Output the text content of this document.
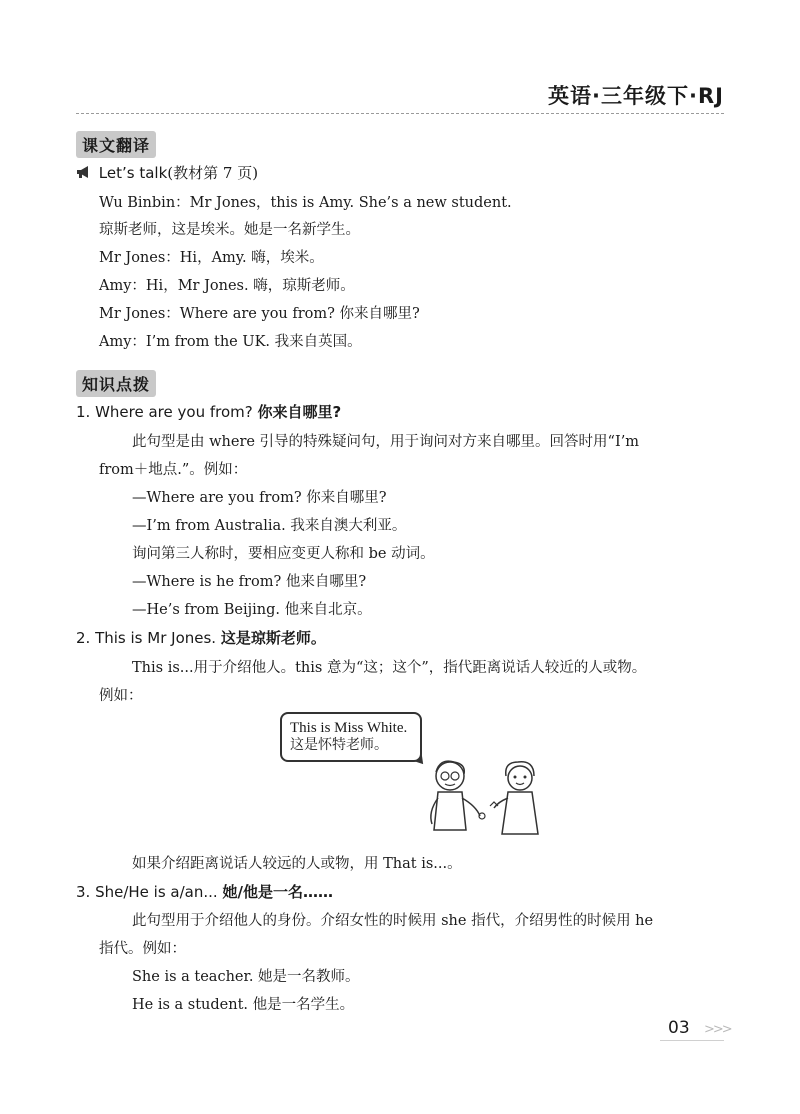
英语·三年级下·RJ
课文翻译
Let’s talk(教材第 7 页)
Wu Binbin：Mr Jones，this is Amy. She’s a new student.
琼斯老师，这是埃米。她是一名新学生。
Mr Jones：Hi，Amy. 嗨，埃米。
Amy：Hi，Mr Jones. 嗨，琼斯老师。
Mr Jones：Where are you from? 你来自哪里?
Amy：I’m from the UK. 我来自英国。
知识点拨
1. Where are you from? 你来自哪里?
此句型是由 where 引导的特殊疑问句，用于询问对方来自哪里。回答时用“I’m
from＋地点.”。例如：
—Where are you from? 你来自哪里?
—I’m from Australia. 我来自澳大利亚。
询问第三人称时，要相应变更人称和 be 动词。
—Where is he from? 他来自哪里?
—He’s from Beijing. 他来自北京。
2. This is Mr Jones. 这是琼斯老师。
This is...用于介绍他人。this 意为“这；这个”，指代距离说话人较近的人或物。
例如：
This is Miss White.
这是怀特老师。
如果介绍距离说话人较远的人或物，用 That is...。
3. She/He is a/an... 她/他是一名……
此句型用于介绍他人的身份。介绍女性的时候用 she 指代，介绍男性的时候用 he
指代。例如：
She is a teacher. 她是一名教师。
He is a student. 他是一名学生。
03 >>>
